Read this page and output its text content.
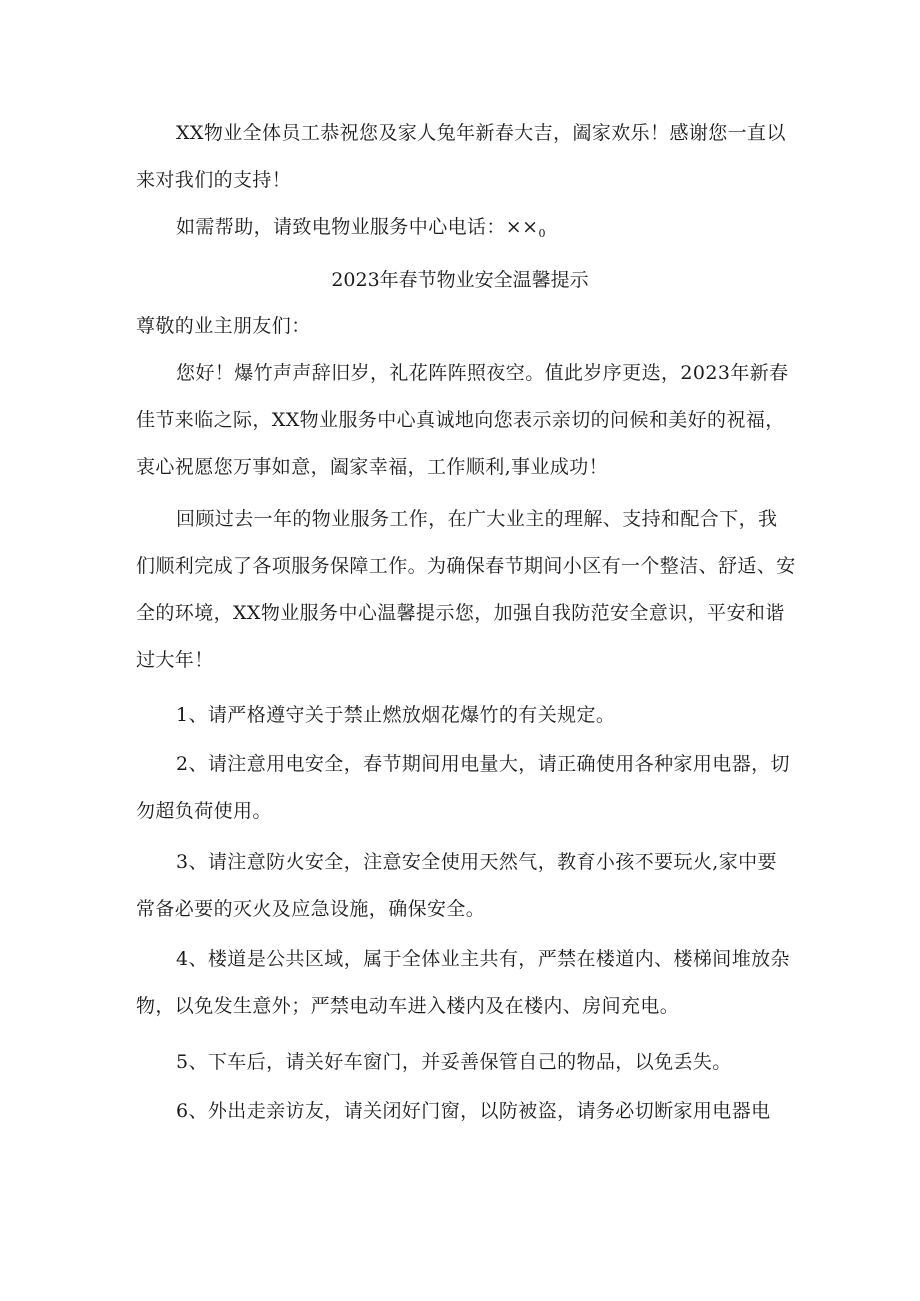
XX物业全体员工恭祝您及家人兔年新春大吉，阖家欢乐！感谢您一直以来对我们的支持！

如需帮助，请致电物业服务中心电话：$\times\times_0$

2023年春节物业安全温馨提示

尊敬的业主朋友们：

您好！爆竹声声辞旧岁，礼花阵阵照夜空。值此岁序更迭，2023年新春佳节来临之际，XX物业服务中心真诚地向您表示亲切的问候和美好的祝福，衷心祝愿您万事如意，阖家幸福，工作顺利,事业成功！

回顾过去一年的物业服务工作，在广大业主的理解、支持和配合下，我们顺利完成了各项服务保障工作。为确保春节期间小区有一个整洁、舒适、安全的环境，XX物业服务中心温馨提示您，加强自我防范安全意识，平安和谐过大年！

1、请严格遵守关于禁止燃放烟花爆竹的有关规定。

2、请注意用电安全，春节期间用电量大，请正确使用各种家用电器，切勿超负荷使用。

3、请注意防火安全，注意安全使用天然气，教育小孩不要玩火,家中要常备必要的灭火及应急设施，确保安全。

4、楼道是公共区域，属于全体业主共有，严禁在楼道内、楼梯间堆放杂物，以免发生意外；严禁电动车进入楼内及在楼内、房间充电。

5、下车后，请关好车窗门，并妥善保管自己的物品，以免丢失。

6、外出走亲访友，请关闭好门窗，以防被盗，请务必切断家用电器电
